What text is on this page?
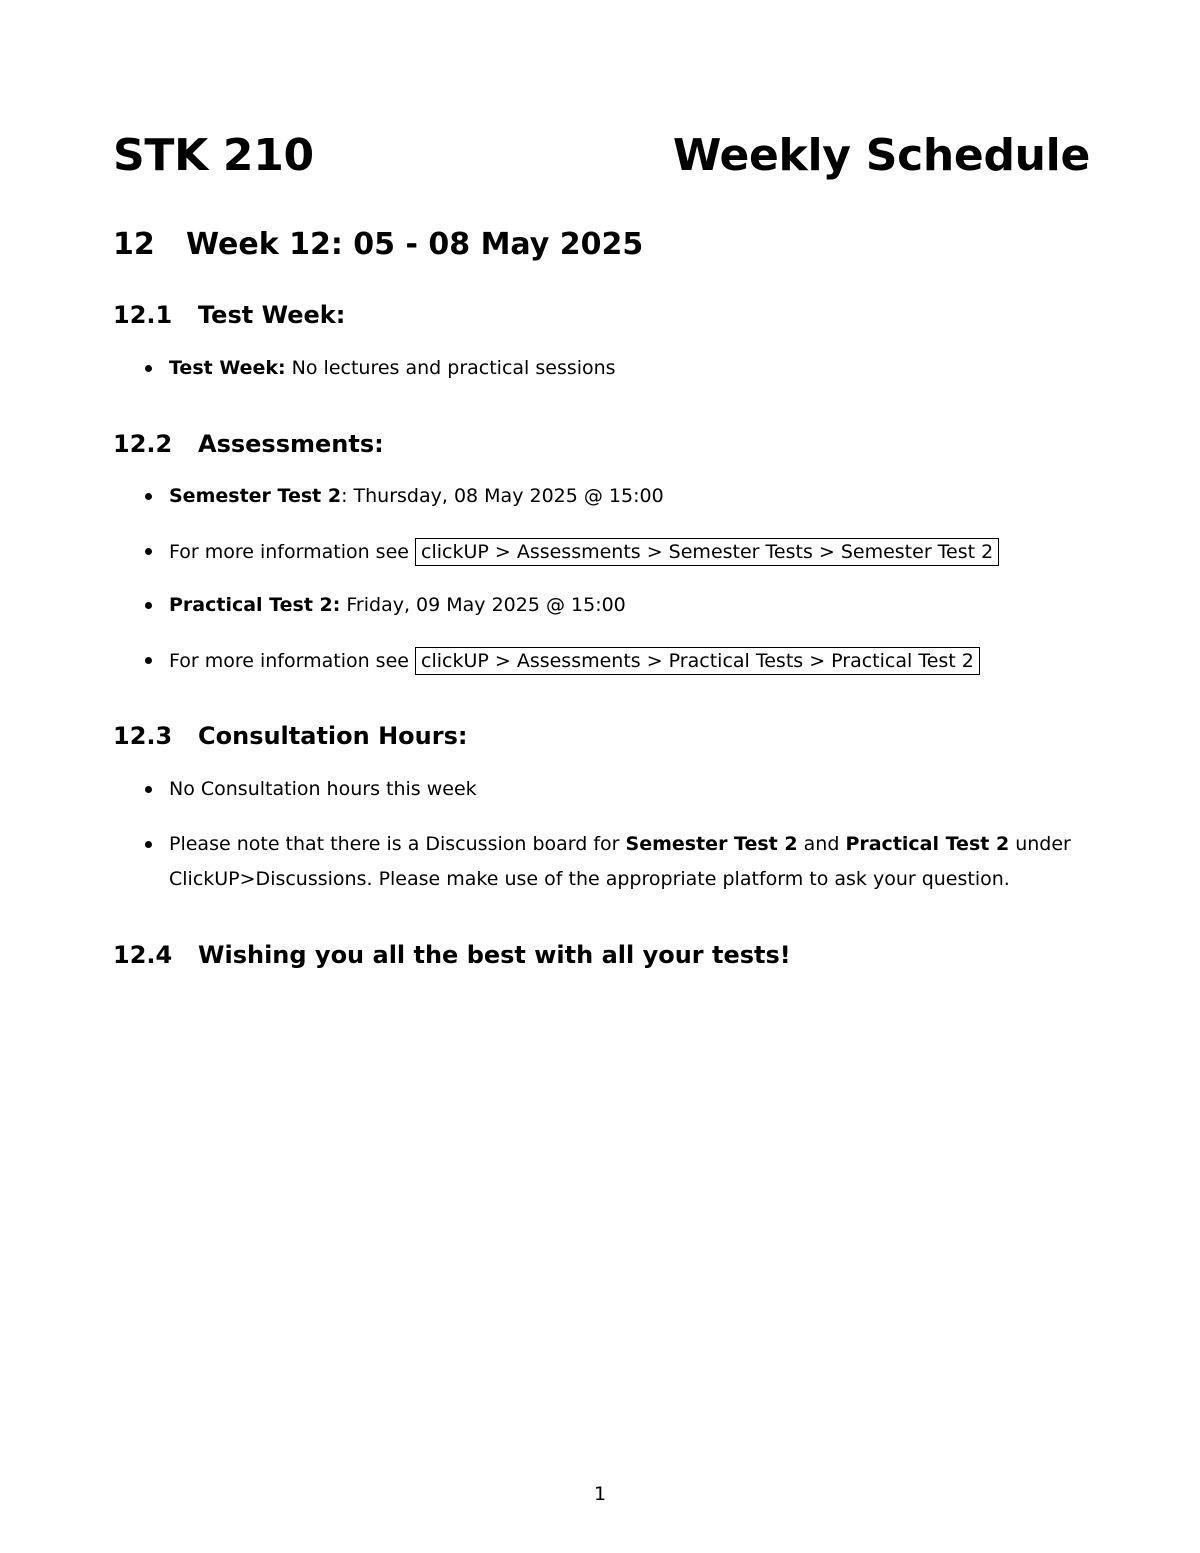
STK 210	Weekly Schedule
12 Week 12: 05 - 08 May 2025
12.1 Test Week:
Test Week: No lectures and practical sessions
12.2 Assessments:
Semester Test 2: Thursday, 08 May 2025 @ 15:00
For more information see clickUP > Assessments > Semester Tests > Semester Test 2
Practical Test 2: Friday, 09 May 2025 @ 15:00
For more information see clickUP > Assessments > Practical Tests > Practical Test 2
12.3 Consultation Hours:
No Consultation hours this week
Please note that there is a Discussion board for Semester Test 2 and Practical Test 2 under ClickUP>Discussions. Please make use of the appropriate platform to ask your question.
12.4 Wishing you all the best with all your tests!
1
